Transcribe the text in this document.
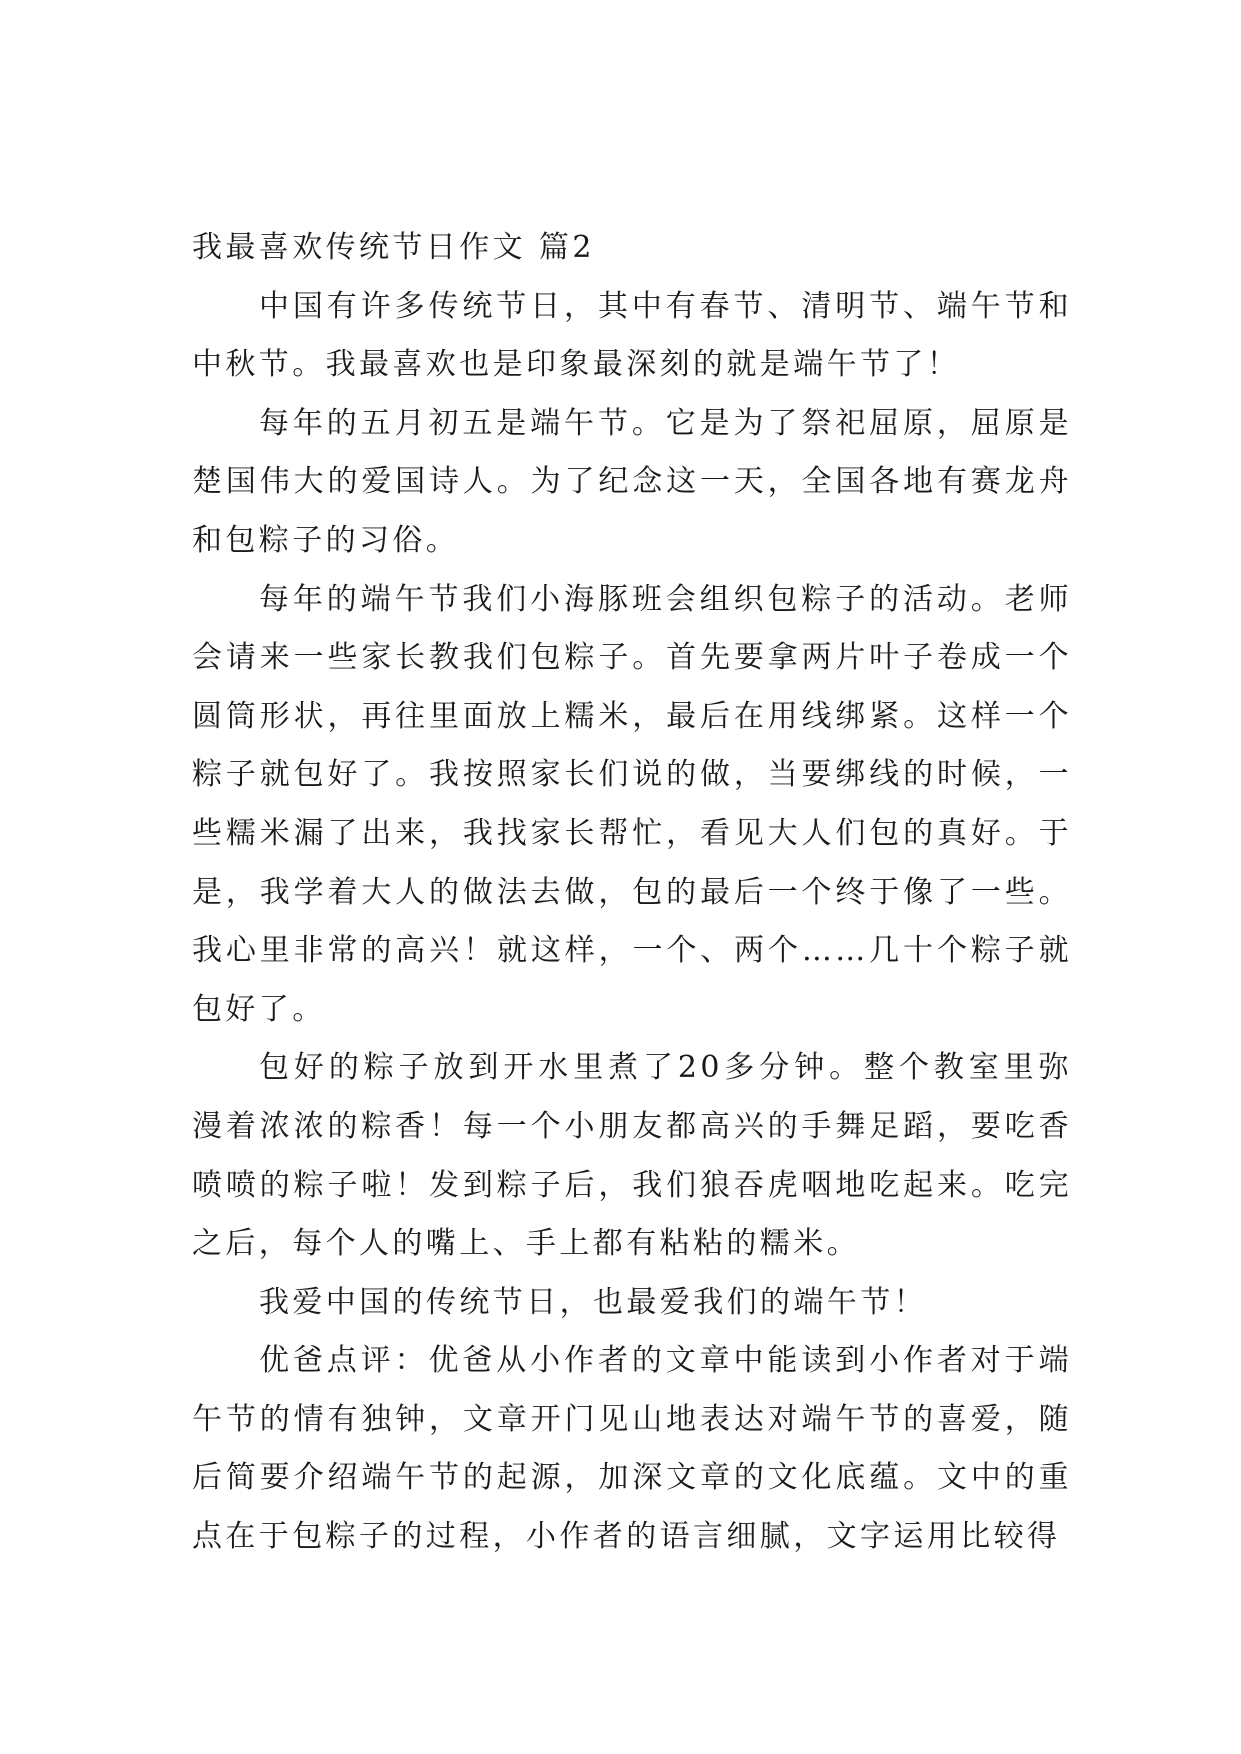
我最喜欢传统节日作文 篇2

中国有许多传统节日，其中有春节、清明节、端午节和中秋节。我最喜欢也是印象最深刻的就是端午节了！

每年的五月初五是端午节。它是为了祭祀屈原，屈原是楚国伟大的爱国诗人。为了纪念这一天，全国各地有赛龙舟和包粽子的习俗。

每年的端午节我们小海豚班会组织包粽子的活动。老师会请来一些家长教我们包粽子。首先要拿两片叶子卷成一个圆筒形状，再往里面放上糯米，最后在用线绑紧。这样一个粽子就包好了。我按照家长们说的做，当要绑线的时候，一些糯米漏了出来，我找家长帮忙，看见大人们包的真好。于是，我学着大人的做法去做，包的最后一个终于像了一些。我心里非常的高兴！就这样，一个、两个……几十个粽子就包好了。

包好的粽子放到开水里煮了20多分钟。整个教室里弥漫着浓浓的粽香！每一个小朋友都高兴的手舞足蹈，要吃香喷喷的粽子啦！发到粽子后，我们狼吞虎咽地吃起来。吃完之后，每个人的嘴上、手上都有粘粘的糯米。

我爱中国的传统节日，也最爱我们的端午节！

优爸点评：优爸从小作者的文章中能读到小作者对于端午节的情有独钟，文章开门见山地表达对端午节的喜爱，随后简要介绍端午节的起源，加深文章的文化底蕴。文中的重点在于包粽子的过程，小作者的语言细腻，文字运用比较得
